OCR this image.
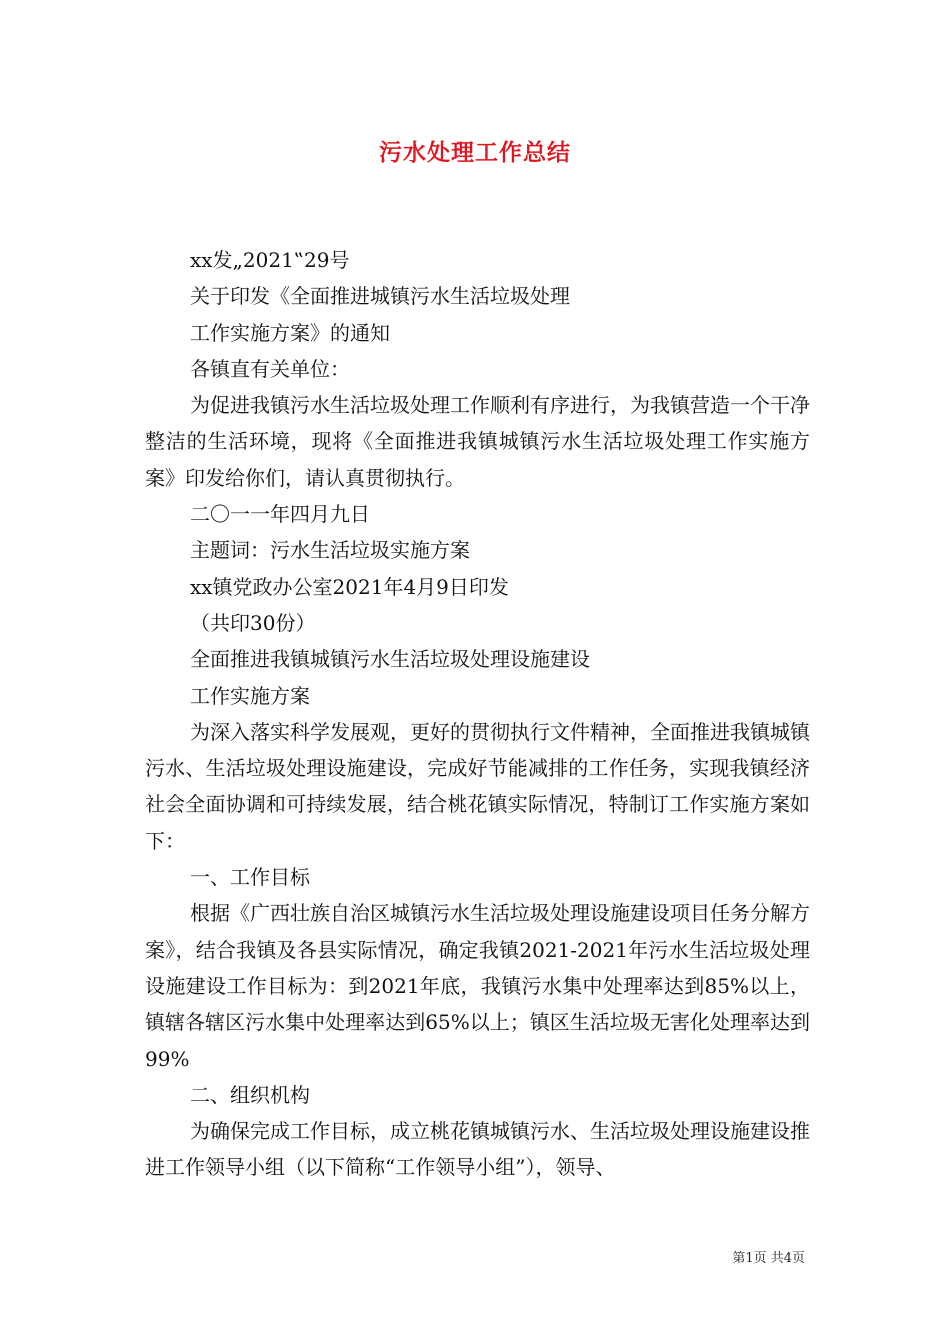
污水处理工作总结

xx发„2021‟29号

关于印发《全面推进城镇污水生活垃圾处理

工作实施方案》的通知

各镇直有关单位：

为促进我镇污水生活垃圾处理工作顺利有序进行，为我镇营造一个干净整洁的生活环境，现将《全面推进我镇城镇污水生活垃圾处理工作实施方案》印发给你们，请认真贯彻执行。

二〇一一年四月九日

主题词：污水生活垃圾实施方案

xx镇党政办公室2021年4月9日印发

（共印30份）

全面推进我镇城镇污水生活垃圾处理设施建设

工作实施方案

为深入落实科学发展观，更好的贯彻执行文件精神，全面推进我镇城镇污水、生活垃圾处理设施建设，完成好节能减排的工作任务，实现我镇经济社会全面协调和可持续发展，结合桃花镇实际情况，特制订工作实施方案如下：

一、工作目标

根据《广西壮族自治区城镇污水生活垃圾处理设施建设项目任务分解方案》，结合我镇及各县实际情况，确定我镇2021-2021年污水生活垃圾处理设施建设工作目标为：到2021年底，我镇污水集中处理率达到85%以上，镇辖各辖区污水集中处理率达到65%以上；镇区生活垃圾无害化处理率达到99%

二、组织机构

为确保完成工作目标，成立桃花镇城镇污水、生活垃圾处理设施建设推进工作领导小组（以下简称“工作领导小组”），领导、

第1页 共4页
